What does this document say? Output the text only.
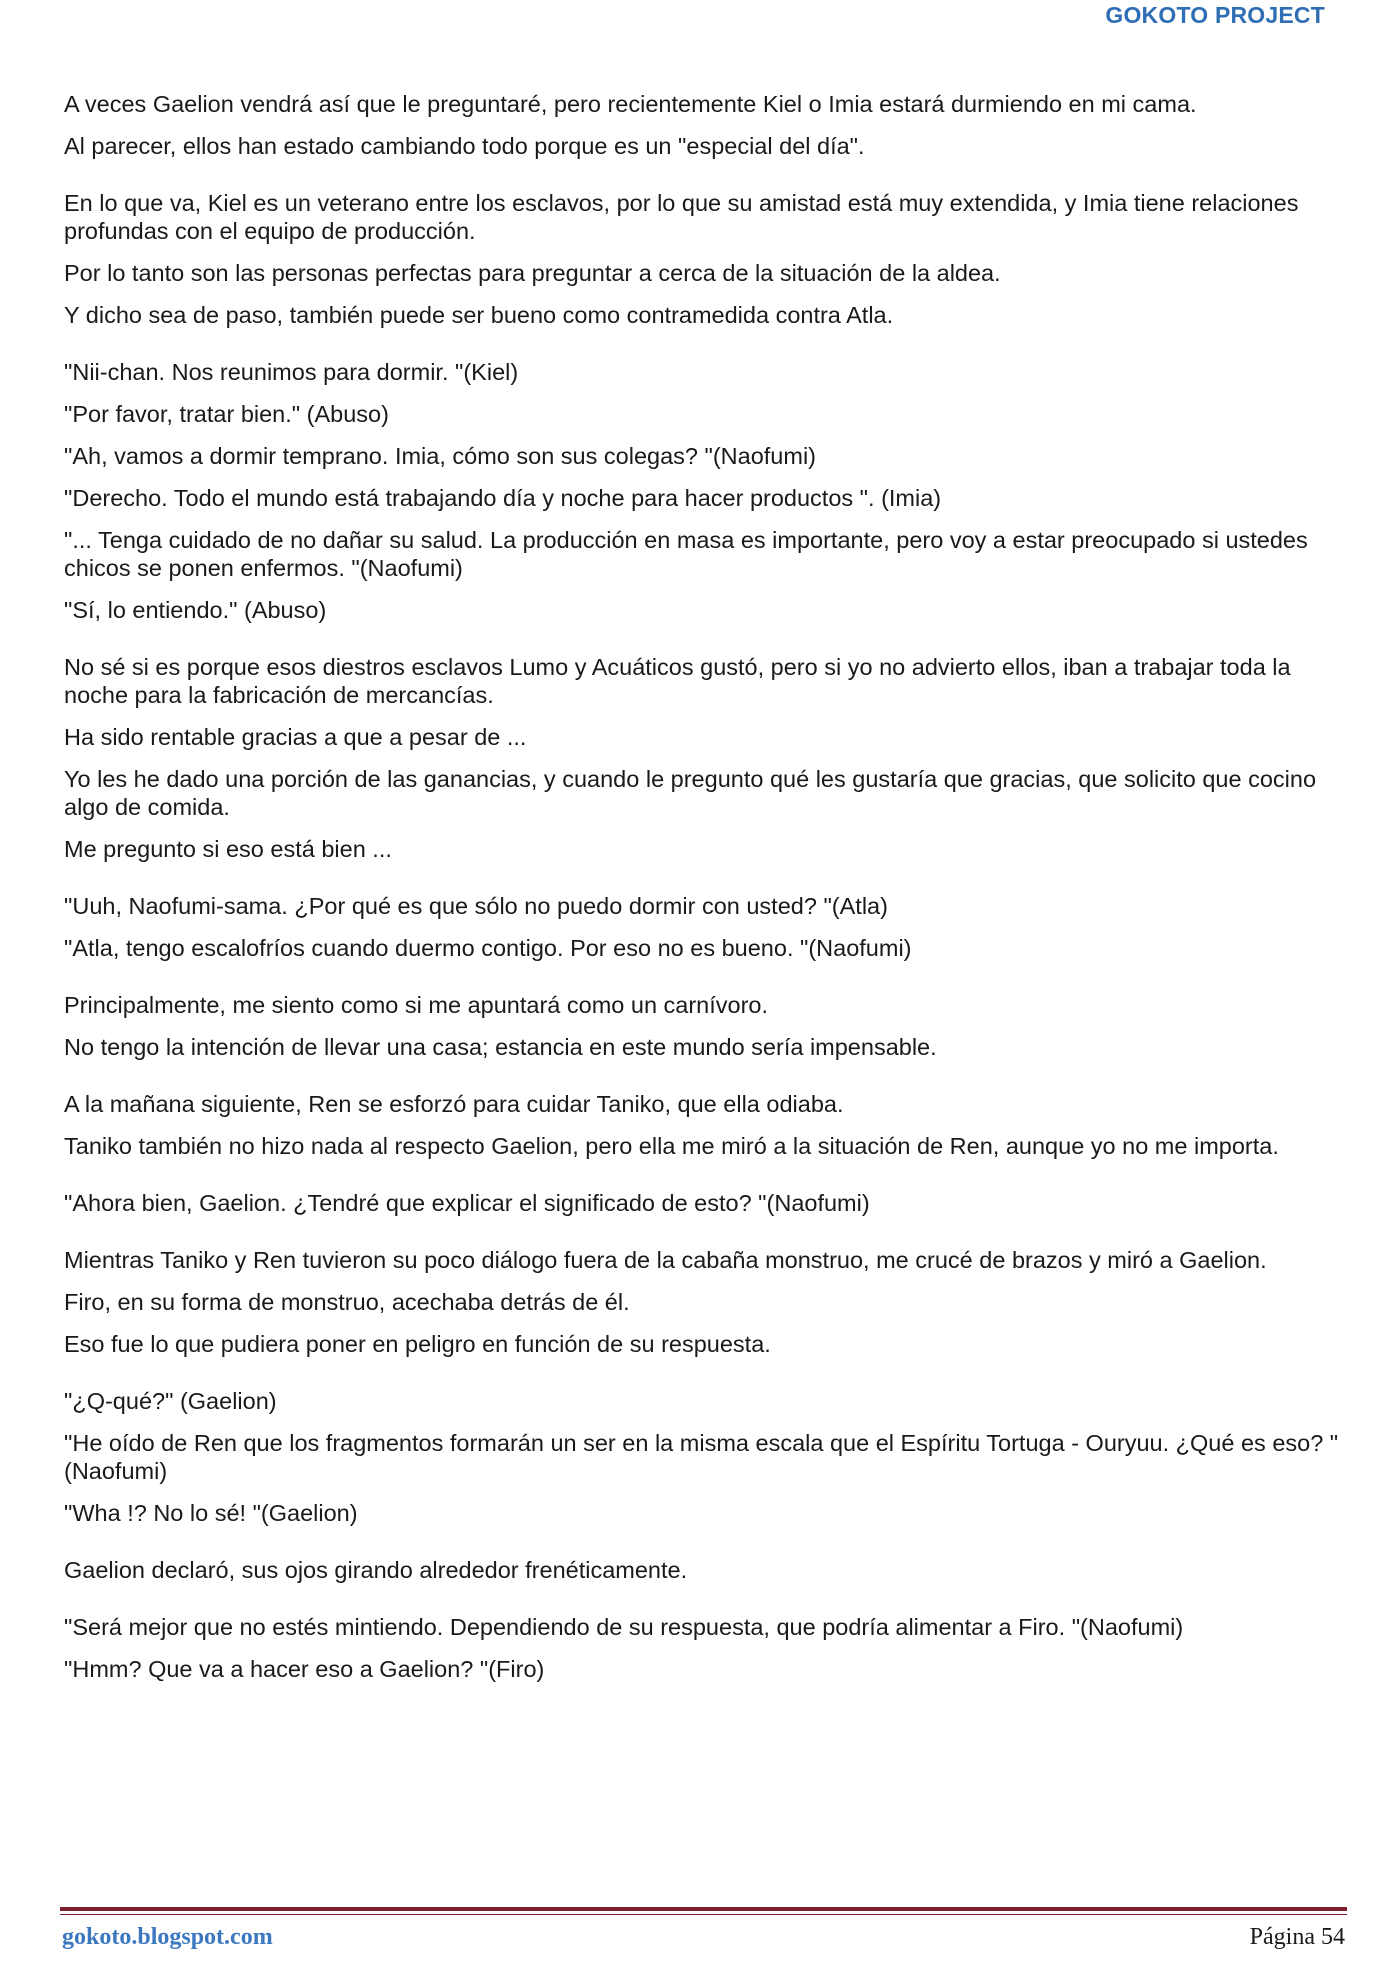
GOKOTO PROJECT

A veces Gaelion vendrá así que le preguntaré, pero recientemente Kiel o Imia estará durmiendo en mi cama.

Al parecer, ellos han estado cambiando todo porque es un "especial del día".

En lo que va, Kiel es un veterano entre los esclavos, por lo que su amistad está muy extendida, y Imia tiene relaciones profundas con el equipo de producción.

Por lo tanto son las personas perfectas para preguntar a cerca de la situación de la aldea.

Y dicho sea de paso, también puede ser bueno como contramedida contra Atla.

"Nii-chan. Nos reunimos para dormir. "(Kiel)

"Por favor, tratar bien." (Abuso)

"Ah, vamos a dormir temprano. Imia, cómo son sus colegas? "(Naofumi)

"Derecho. Todo el mundo está trabajando día y noche para hacer productos ". (Imia)

"... Tenga cuidado de no dañar su salud. La producción en masa es importante, pero voy a estar preocupado si ustedes chicos se ponen enfermos. "(Naofumi)

"Sí, lo entiendo." (Abuso)

No sé si es porque esos diestros esclavos Lumo y Acuáticos gustó, pero si yo no advierto ellos, iban a trabajar toda la noche para la fabricación de mercancías.

Ha sido rentable gracias a que a pesar de ...

Yo les he dado una porción de las ganancias, y cuando le pregunto qué les gustaría que gracias, que solicito que cocino algo de comida.

Me pregunto si eso está bien ...

"Uuh, Naofumi-sama. ¿Por qué es que sólo no puedo dormir con usted? "(Atla)

"Atla, tengo escalofríos cuando duermo contigo. Por eso no es bueno. "(Naofumi)

Principalmente, me siento como si me apuntará como un carnívoro.

No tengo la intención de llevar una casa; estancia en este mundo sería impensable.

A la mañana siguiente, Ren se esforzó para cuidar Taniko, que ella odiaba.

Taniko también no hizo nada al respecto Gaelion, pero ella me miró a la situación de Ren, aunque yo no me importa.

"Ahora bien, Gaelion. ¿Tendré que explicar el significado de esto? "(Naofumi)

Mientras Taniko y Ren tuvieron su poco diálogo fuera de la cabaña monstruo, me crucé de brazos y miró a Gaelion.

Firo, en su forma de monstruo, acechaba detrás de él.

Eso fue lo que pudiera poner en peligro en función de su respuesta.

"¿Q-qué?" (Gaelion)

"He oído de Ren que los fragmentos formarán un ser en la misma escala que el Espíritu Tortuga - Ouryuu. ¿Qué es eso? "(Naofumi)

"Wha !? No lo sé! "(Gaelion)

Gaelion declaró, sus ojos girando alrededor frenéticamente.

"Será mejor que no estés mintiendo. Dependiendo de su respuesta, que podría alimentar a Firo. "(Naofumi)

"Hmm? Que va a hacer eso a Gaelion? "(Firo)

gokoto.blogspot.com	Página 54
